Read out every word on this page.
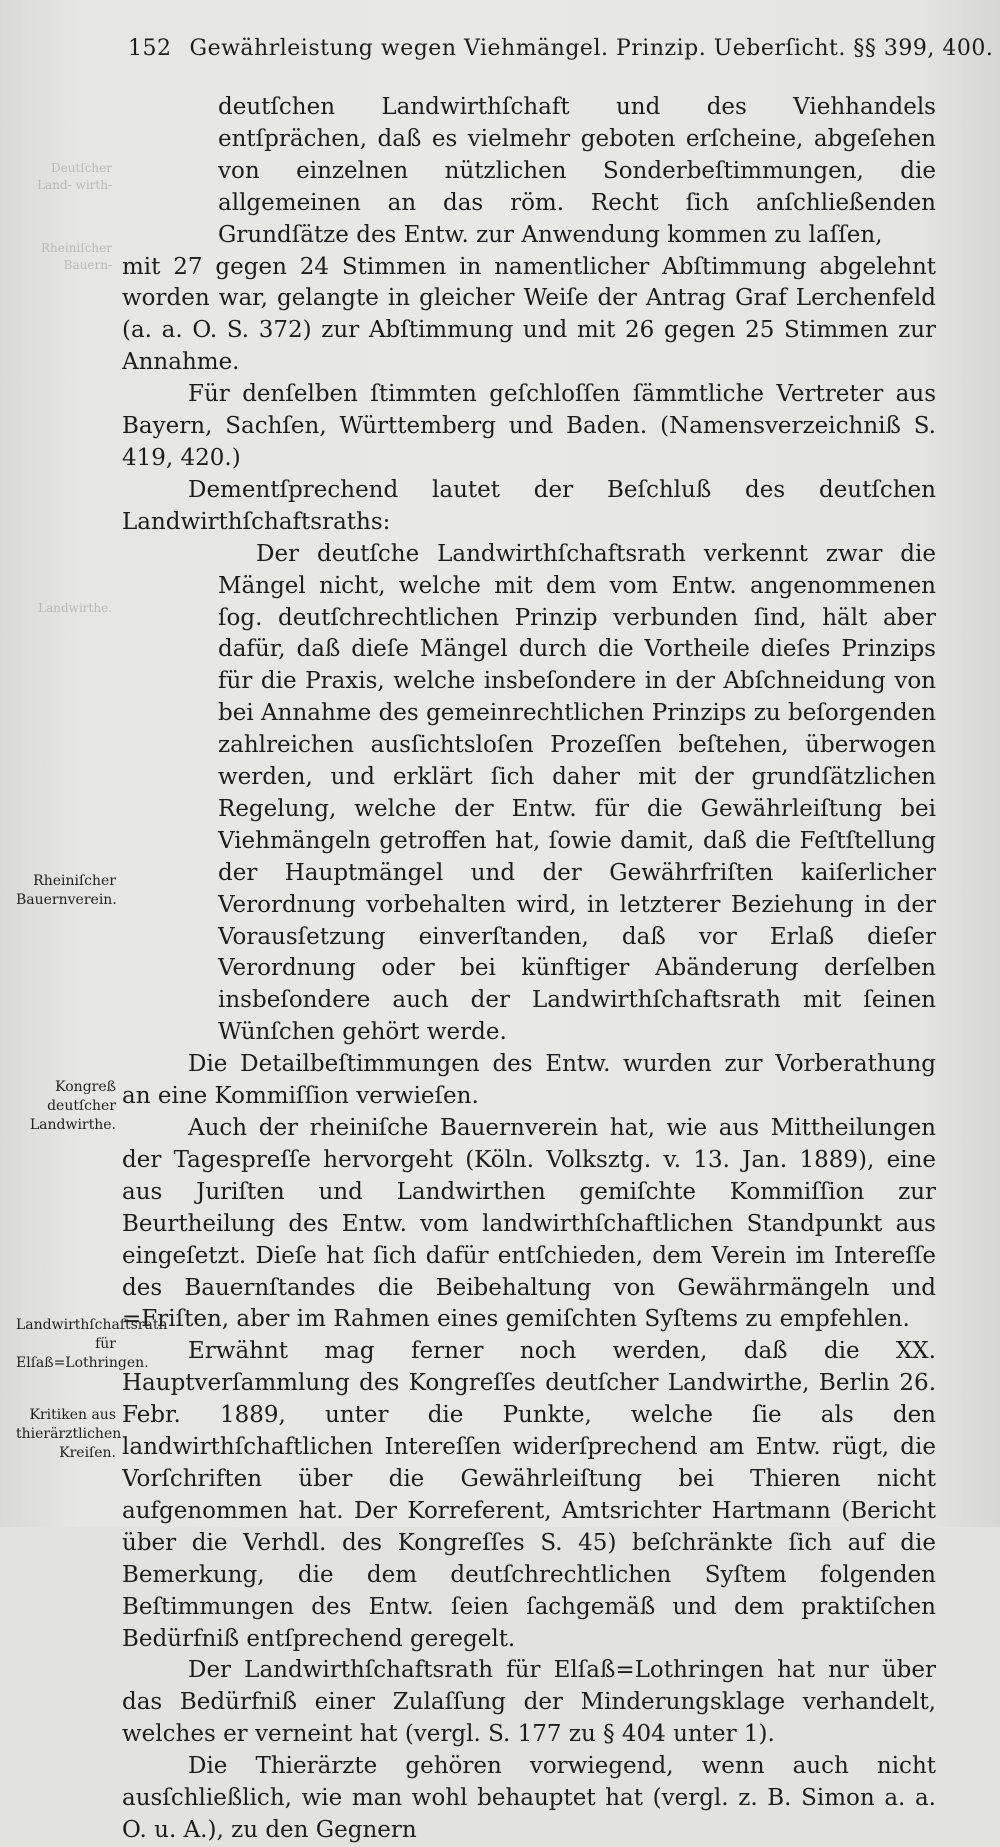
152 Gewährleistung wegen Viehmängel. Prinzip. Ueberſicht. §§ 399, 400.
Deutſcher Land- wirth-
Rheiniſcher Bauern-
Landwirthe.

deutſchen Landwirthſchaft und des Viehhandels entſprächen, daß es vielmehr geboten erſcheine, abgeſehen von einzelnen nützlichen Sonderbeſtimmungen, die allgemeinen an das röm. Recht ſich anſchließenden Grundſätze des Entw. zur Anwendung kommen zu laſſen,

mit 27 gegen 24 Stimmen in namentlicher Abſtimmung abgelehnt worden war, gelangte in gleicher Weiſe der Antrag Graf Lerchenfeld (a. a. O. S. 372) zur Abſtimmung und mit 26 gegen 25 Stimmen zur Annahme.

Für denſelben ſtimmten geſchloſſen ſämmtliche Vertreter aus Bayern, Sachſen, Württemberg und Baden. (Namensverzeichniß S. 419, 420.)

Dementſprechend lautet der Beſchluß des deutſchen Landwirthſchaftsraths:

Der deutſche Landwirthſchaftsrath verkennt zwar die Mängel nicht, welche mit dem vom Entw. angenommenen ſog. deutſchrechtlichen Prinzip verbunden ſind, hält aber dafür, daß dieſe Mängel durch die Vortheile dieſes Prinzips für die Praxis, welche insbeſondere in der Abſchneidung von bei Annahme des gemeinrechtlichen Prinzips zu beſorgenden zahlreichen ausſichtsloſen Prozeſſen beſtehen, überwogen werden, und erklärt ſich daher mit der grundſätzlichen Regelung, welche der Entw. für die Gewährleiſtung bei Viehmängeln getroffen hat, ſowie damit, daß die Feſtſtellung der Hauptmängel und der Gewährfriſten kaiſerlicher Verordnung vorbehalten wird, in letzterer Beziehung in der Vorausſetzung einverſtanden, daß vor Erlaß dieſer Verordnung oder bei künftiger Abänderung derſelben insbeſondere auch der Landwirthſchaftsrath mit ſeinen Wünſchen gehört werde.

Die Detailbeſtimmungen des Entw. wurden zur Vorberathung an eine Kommiſſion verwieſen.

Auch der rheiniſche Bauernverein hat, wie aus Mittheilungen der Tagespreſſe hervorgeht (Köln. Volksztg. v. 13. Jan. 1889), eine aus Juriſten und Landwirthen gemiſchte Kommiſſion zur Beurtheilung des Entw. vom landwirthſchaftlichen Standpunkt aus eingeſetzt. Dieſe hat ſich dafür entſchieden, dem Verein im Intereſſe des Bauernſtandes die Beibehaltung von Gewährmängeln und =Friſten, aber im Rahmen eines gemiſchten Syſtems zu empfehlen.

Erwähnt mag ferner noch werden, daß die XX. Hauptverſammlung des Kongreſſes deutſcher Landwirthe, Berlin 26. Febr. 1889, unter die Punkte, welche ſie als den landwirthſchaftlichen Intereſſen widerſprechend am Entw. rügt, die Vorſchriften über die Gewährleiſtung bei Thieren nicht aufgenommen hat. Der Korreferent, Amtsrichter Hartmann (Bericht über die Verhdl. des Kongreſſes S. 45) beſchränkte ſich auf die Bemerkung, die dem deutſchrechtlichen Syſtem folgenden Beſtimmungen des Entw. ſeien ſachgemäß und dem praktiſchen Bedürfniß entſprechend geregelt.

Der Landwirthſchaftsrath für Elſaß=Lothringen hat nur über das Bedürfniß einer Zulaſſung der Minderungsklage verhandelt, welches er verneint hat (vergl. S. 177 zu § 404 unter 1).

Die Thierärzte gehören vorwiegend, wenn auch nicht ausſchließlich, wie man wohl behauptet hat (vergl. z. B. Simon a. a. O. u. A.), zu den Gegnern

Rheiniſcher Bauernverein.
Kongreß deutſcher Landwirthe.
Landwirthſchaftsrath für Elſaß=Lothringen.
Kritiken aus thierärztlichen Kreiſen.
